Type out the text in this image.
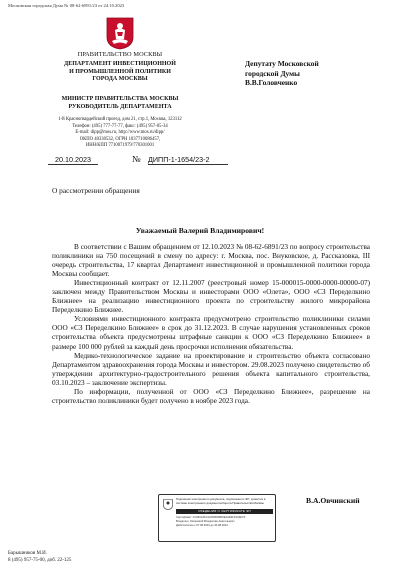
Московская городская Дума № 08-62-6891/23 от 24.10.2023
ПРАВИТЕЛЬСТВО МОСКВЫ
ДЕПАРТАМЕНТ ИНВЕСТИЦИОННОЙ
И ПРОМЫШЛЕННОЙ ПОЛИТИКИ
ГОРОДА МОСКВЫ
МИНИСТР ПРАВИТЕЛЬСТВА МОСКВЫ
РУКОВОДИТЕЛЬ ДЕПАРТАМЕНТА
1-й Красногвардейский проезд, дом 21, стр.1, Москва, 123112
Телефон: (495) 777-77-77, факс: (495) 957-05-34
E-mail: dipp@mos.ru, http://www.mos.ru/dipp/
ОКПО 40330532, ОГРН 1037710086457,
ИНН/КПП 7710071979/770301001
Депутату Московской
городской Думы
В.В.Головченко
20.10.2023	№ ДИПП-1-1654/23-2
О рассмотрении обращения
Уважаемый Валерий Владимирович!

В соответствии с Вашим обращением от 12.10.2023 № 08-62-6891/23 по вопросу строительства поликлиники на 750 посещений в смену по адресу: г. Москва, пос. Внуковское, д. Рассказовка, III очередь строительства, 17 квартал Департамент инвестиционной и промышленной политики города Москвы сообщает.

Инвестиционный контракт от 12.11.2007 (реестровый номер 15-000015-0000-0000-00000-07) заключен между Правительством Москвы и инвесторами ООО «Олета», ООО «СЗ Переделкино Ближнее» на реализацию инвестиционного проекта по строительству жилого микрорайона Переделкино Ближнее.

Условиями инвестиционного контракта предусмотрено строительство поликлиники силами ООО «СЗ Переделкино Ближнее» в срок до 31.12.2023. В случае нарушения установленных сроков строительства объекта предусмотрены штрафные санкции к ООО «СЗ Переделкино Ближнее» в размере 100 000 рублей за каждый день просрочки исполнения обязательства.

Медико-технологическое задание на проектирование и строительство объекта согласовано Департаментом здравоохранения города Москвы и инвестором. 29.08.2023 получено свидетельство об утверждении архитектурно-градостроительного решения объекта капитального строительства, 03.10.2023 – заключение экспертизы.

По информации, полученной от ООО «СЗ Переделкино Ближнее», разрешение на строительство поликлиники будет получено в ноябре 2023 года.

Подлинник электронного документа, подписанного ЭП, хранится в системе электронного документооборота Правительства Москвы
СВЕДЕНИЯ О СЕРТИФИКАТЕ ЭП
Сертификат: 01C8AAFF2122D3D89D0EA3D4FF4A6D7F
Владелец: Овчинский Владислав Анатольевич
Действителен с 07.08.2023 до 30.08.2024
В.А.Овчинский
Барышников М.И.
8 (495) 957-75-00, доб. 22-125
